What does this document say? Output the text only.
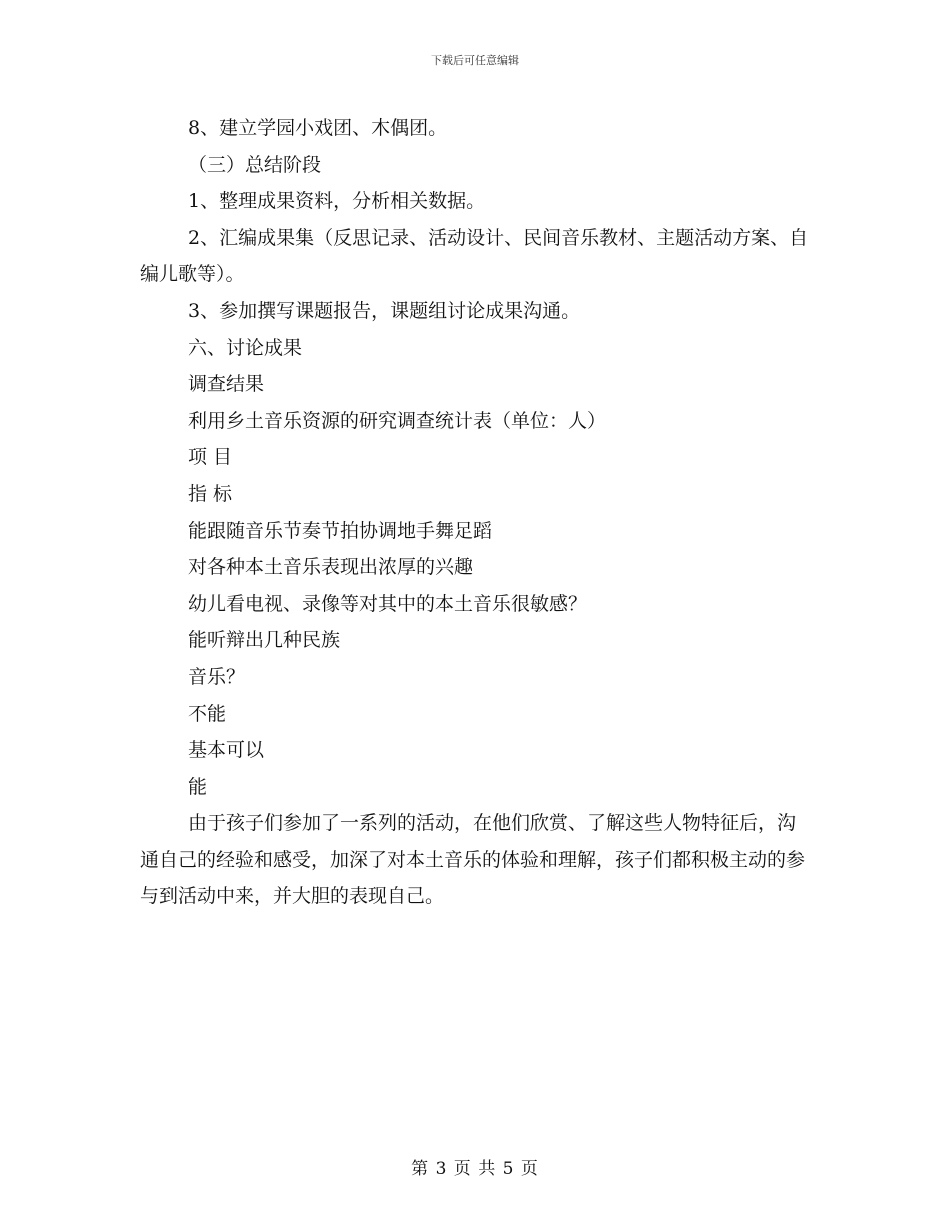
下载后可任意编辑

8、建立学园小戏团、木偶团。

（三）总结阶段

1、整理成果资料，分析相关数据。

2、汇编成果集（反思记录、活动设计、民间音乐教材、主题活动方案、自编儿歌等）。

3、参加撰写课题报告，课题组讨论成果沟通。

六、讨论成果

调查结果

利用乡土音乐资源的研究调查统计表（单位：人）

项 目

指 标

能跟随音乐节奏节拍协调地手舞足蹈

对各种本土音乐表现出浓厚的兴趣

幼儿看电视、录像等对其中的本土音乐很敏感？

能听辩出几种民族

音乐？

不能

基本可以

能

由于孩子们参加了一系列的活动，在他们欣赏、了解这些人物特征后，沟通自己的经验和感受，加深了对本土音乐的体验和理解，孩子们都积极主动的参与到活动中来，并大胆的表现自己。

第 3 页 共 5 页
